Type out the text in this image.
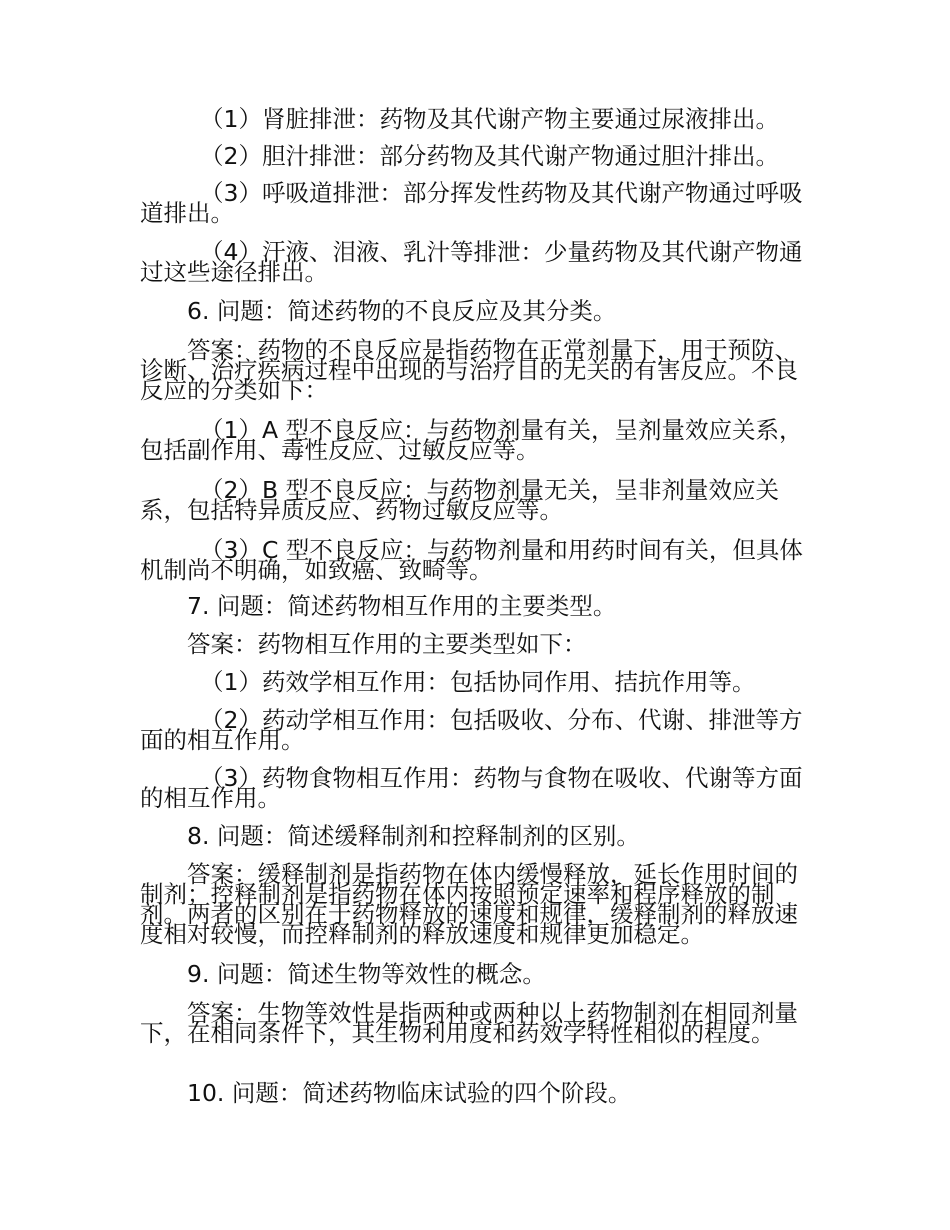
（1）肾脏排泄：药物及其代谢产物主要通过尿液排出。

（2）胆汁排泄：部分药物及其代谢产物通过胆汁排出。

（3）呼吸道排泄：部分挥发性药物及其代谢产物通过呼吸道排出。

（4）汗液、泪液、乳汁等排泄：少量药物及其代谢产物通过这些途径排出。

6. 问题：简述药物的不良反应及其分类。

答案：药物的不良反应是指药物在正常剂量下，用于预防、诊断、治疗疾病过程中出现的与治疗目的无关的有害反应。不良反应的分类如下：

（1）A 型不良反应：与药物剂量有关，呈剂量效应关系，包括副作用、毒性反应、过敏反应等。

（2）B 型不良反应：与药物剂量无关，呈非剂量效应关系，包括特异质反应、药物过敏反应等。

（3）C 型不良反应：与药物剂量和用药时间有关，但具体机制尚不明确，如致癌、致畸等。

7. 问题：简述药物相互作用的主要类型。

答案：药物相互作用的主要类型如下：

（1）药效学相互作用：包括协同作用、拮抗作用等。

（2）药动学相互作用：包括吸收、分布、代谢、排泄等方面的相互作用。

（3）药物食物相互作用：药物与食物在吸收、代谢等方面的相互作用。

8. 问题：简述缓释制剂和控释制剂的区别。

答案：缓释制剂是指药物在体内缓慢释放，延长作用时间的制剂；控释制剂是指药物在体内按照预定速率和程序释放的制剂。两者的区别在于药物释放的速度和规律，缓释制剂的释放速度相对较慢，而控释制剂的释放速度和规律更加稳定。

9. 问题：简述生物等效性的概念。

答案：生物等效性是指两种或两种以上药物制剂在相同剂量下，在相同条件下，其生物利用度和药效学特性相似的程度。

10. 问题：简述药物临床试验的四个阶段。
